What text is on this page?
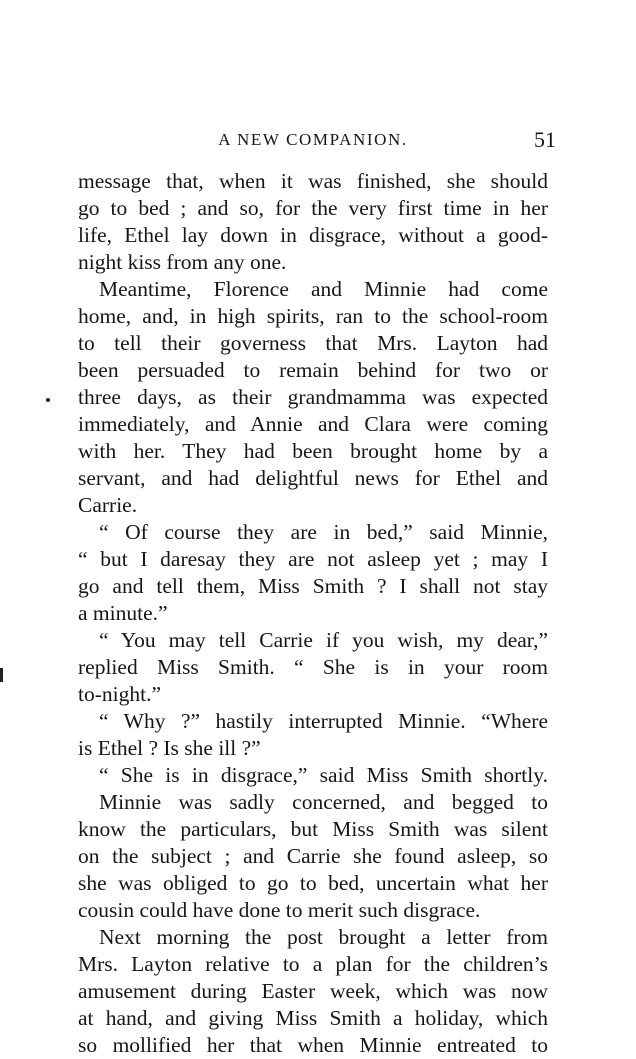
A NEW COMPANION.	51
message that, when it was finished, she should
go to bed ; and so, for the very first time in her
life, Ethel lay down in disgrace, without a good-
night kiss from any one.
Meantime, Florence and Minnie had come
home, and, in high spirits, ran to the school-room
to tell their governess that Mrs. Layton had
been persuaded to remain behind for two or
three days, as their grandmamma was expected
immediately, and Annie and Clara were coming
with her. They had been brought home by a
servant, and had delightful news for Ethel and
Carrie.
“ Of course they are in bed,” said Minnie,
“ but I daresay they are not asleep yet ; may I
go and tell them, Miss Smith ? I shall not stay
a minute.”
“ You may tell Carrie if you wish, my dear,”
replied Miss Smith. “ She is in your room
to-night.”
“ Why ?” hastily interrupted Minnie. “Where
is Ethel ? Is she ill ?”
“ She is in disgrace,” said Miss Smith shortly.
Minnie was sadly concerned, and begged to
know the particulars, but Miss Smith was silent
on the subject ; and Carrie she found asleep, so
she was obliged to go to bed, uncertain what her
cousin could have done to merit such disgrace.
Next morning the post brought a letter from
Mrs. Layton relative to a plan for the children’s
amusement during Easter week, which was now
at hand, and giving Miss Smith a holiday, which
so mollified her that when Minnie entreated to
